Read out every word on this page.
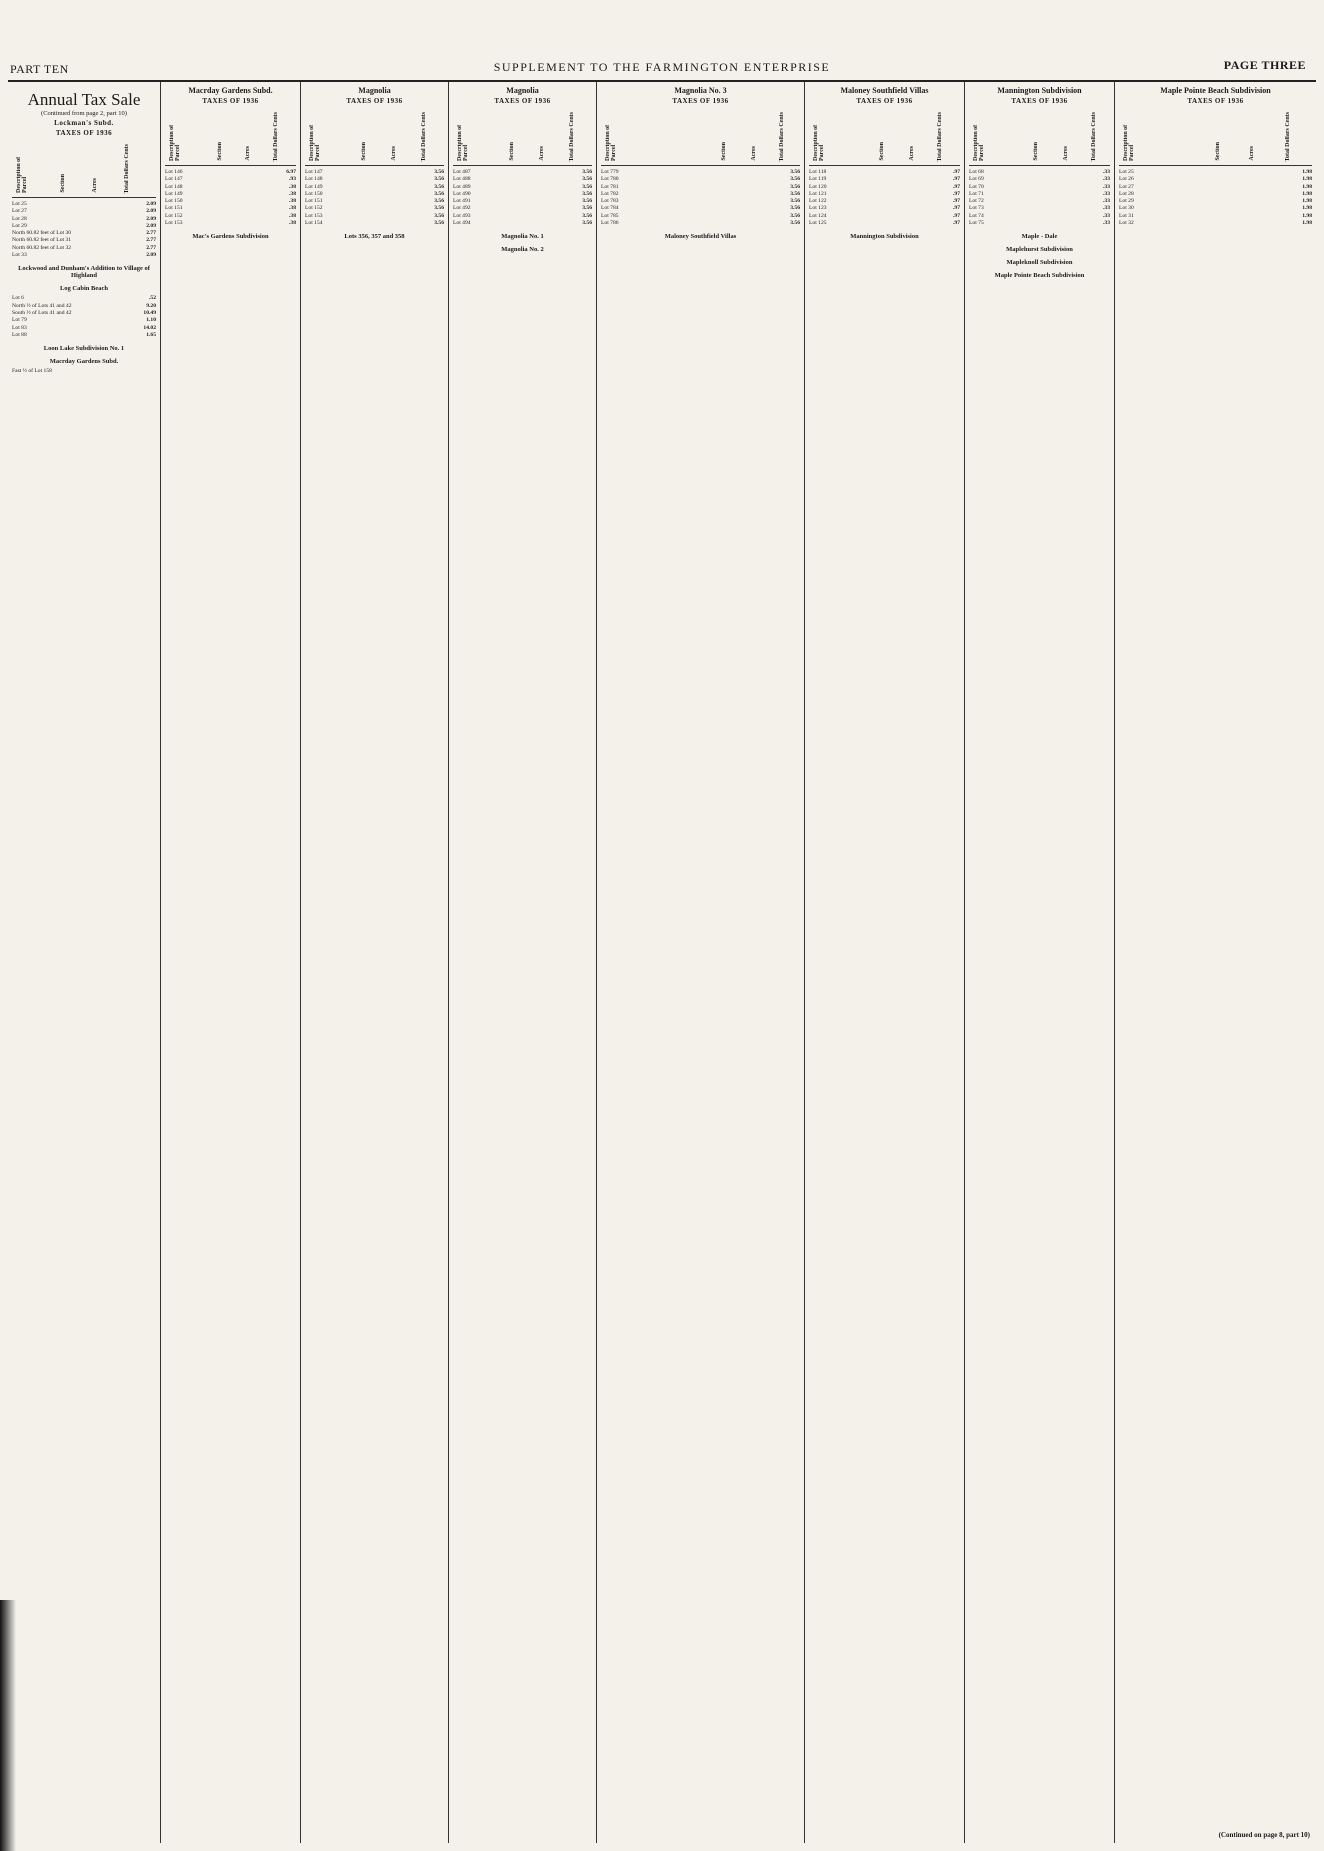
PART TEN	SUPPLEMENT TO THE FARMINGTON ENTERPRISE	PAGE THREE
Annual Tax Sale
(Continued from page 2, part 10)
Lockman's Subd.
TAXES OF 1936
Description of Parcel	Section	Acres	Total Dollars Cents
Lot 25	2.09
Lot 27	2.09
Lot 28	2.09
Lot 29	2.09
North 60.82 feet of Lot 30	2.77
North 60.82 feet of Lot 31	2.77
North 60.82 feet of Lot 32	2.77
Lot 33	2.09
Lockwood and Dunham's Addition to Village of Highland
Log Cabin Beach
Lot 6	.52
North ½ of Lots 41 and 42	9.20
South ½ of Lots 41 and 42	10.49
Lot 79	1.10
Lot 83	14.02
Lot 88	1.65
Loon Lake Subdivision No. 1
Macrday Gardens Subd.
Fast ½ of Lot 158
Macrday Gardens Subd.
TAXES OF 1936
Description of Parcel	Section	Acres	Total Dollars Cents
Lot 146	6.97
Lot 147	.93
Lot 148	.38
Lot 149	.38
Lot 150	.38
Lot 151	.38
Lot 152	.38
Lot 153	.38
Mac's Gardens Subdivision
Magnolia
TAXES OF 1936
Description of Parcel	Section	Acres	Total Dollars Cents
Lot 147	3.56
Lot 148	3.56
Lot 149	3.56
Lot 150	3.56
Lot 151	3.56
Lot 152	3.56
Lot 153	3.56
Lot 154	3.56
Lots 356, 357 and 358
Magnolia
TAXES OF 1936
Description of Parcel	Section	Acres	Total Dollars Cents
Lot 487	3.56
Lot 488	3.56
Lot 489	3.56
Lot 490	3.56
Lot 491	3.56
Lot 492	3.56
Lot 493	3.56
Lot 494	3.56
Magnolia No. 1
Magnolia No. 2
Magnolia No. 3
TAXES OF 1936
Description of Parcel	Section	Acres	Total Dollars Cents
Lot 779	3.56
Lot 780	3.56
Lot 781	3.56
Lot 782	3.56
Lot 783	3.56
Lot 784	3.56
Lot 785	3.56
Lot 786	3.56
Maloney Southfield Villas
Maloney Southfield Villas
TAXES OF 1936
Description of Parcel	Section	Acres	Total Dollars Cents
Lot 118	.97
Lot 119	.97
Lot 120	.97
Lot 121	.97
Lot 122	.97
Lot 123	.97
Lot 124	.97
Lot 125	.97
Mannington Subdivision
Mannington Subdivision
TAXES OF 1936
Description of Parcel	Section	Acres	Total Dollars Cents
Lot 68	.33
Lot 69	.33
Lot 70	.33
Lot 71	.33
Lot 72	.33
Lot 73	.33
Lot 74	.33
Lot 75	.33
Maple - Dale
Maplehurst Subdivision
Mapleknoll Subdivision
Maple Pointe Beach Subdivision
Maple Pointe Beach Subdivision
TAXES OF 1936
Description of Parcel	Section	Acres	Total Dollars Cents
Lot 25	1.98
Lot 26	1.98
Lot 27	1.98
Lot 28	1.98
Lot 29	1.98
Lot 30	1.98
Lot 31	1.98
Lot 32	1.98
(Continued on page 8, part 10)
